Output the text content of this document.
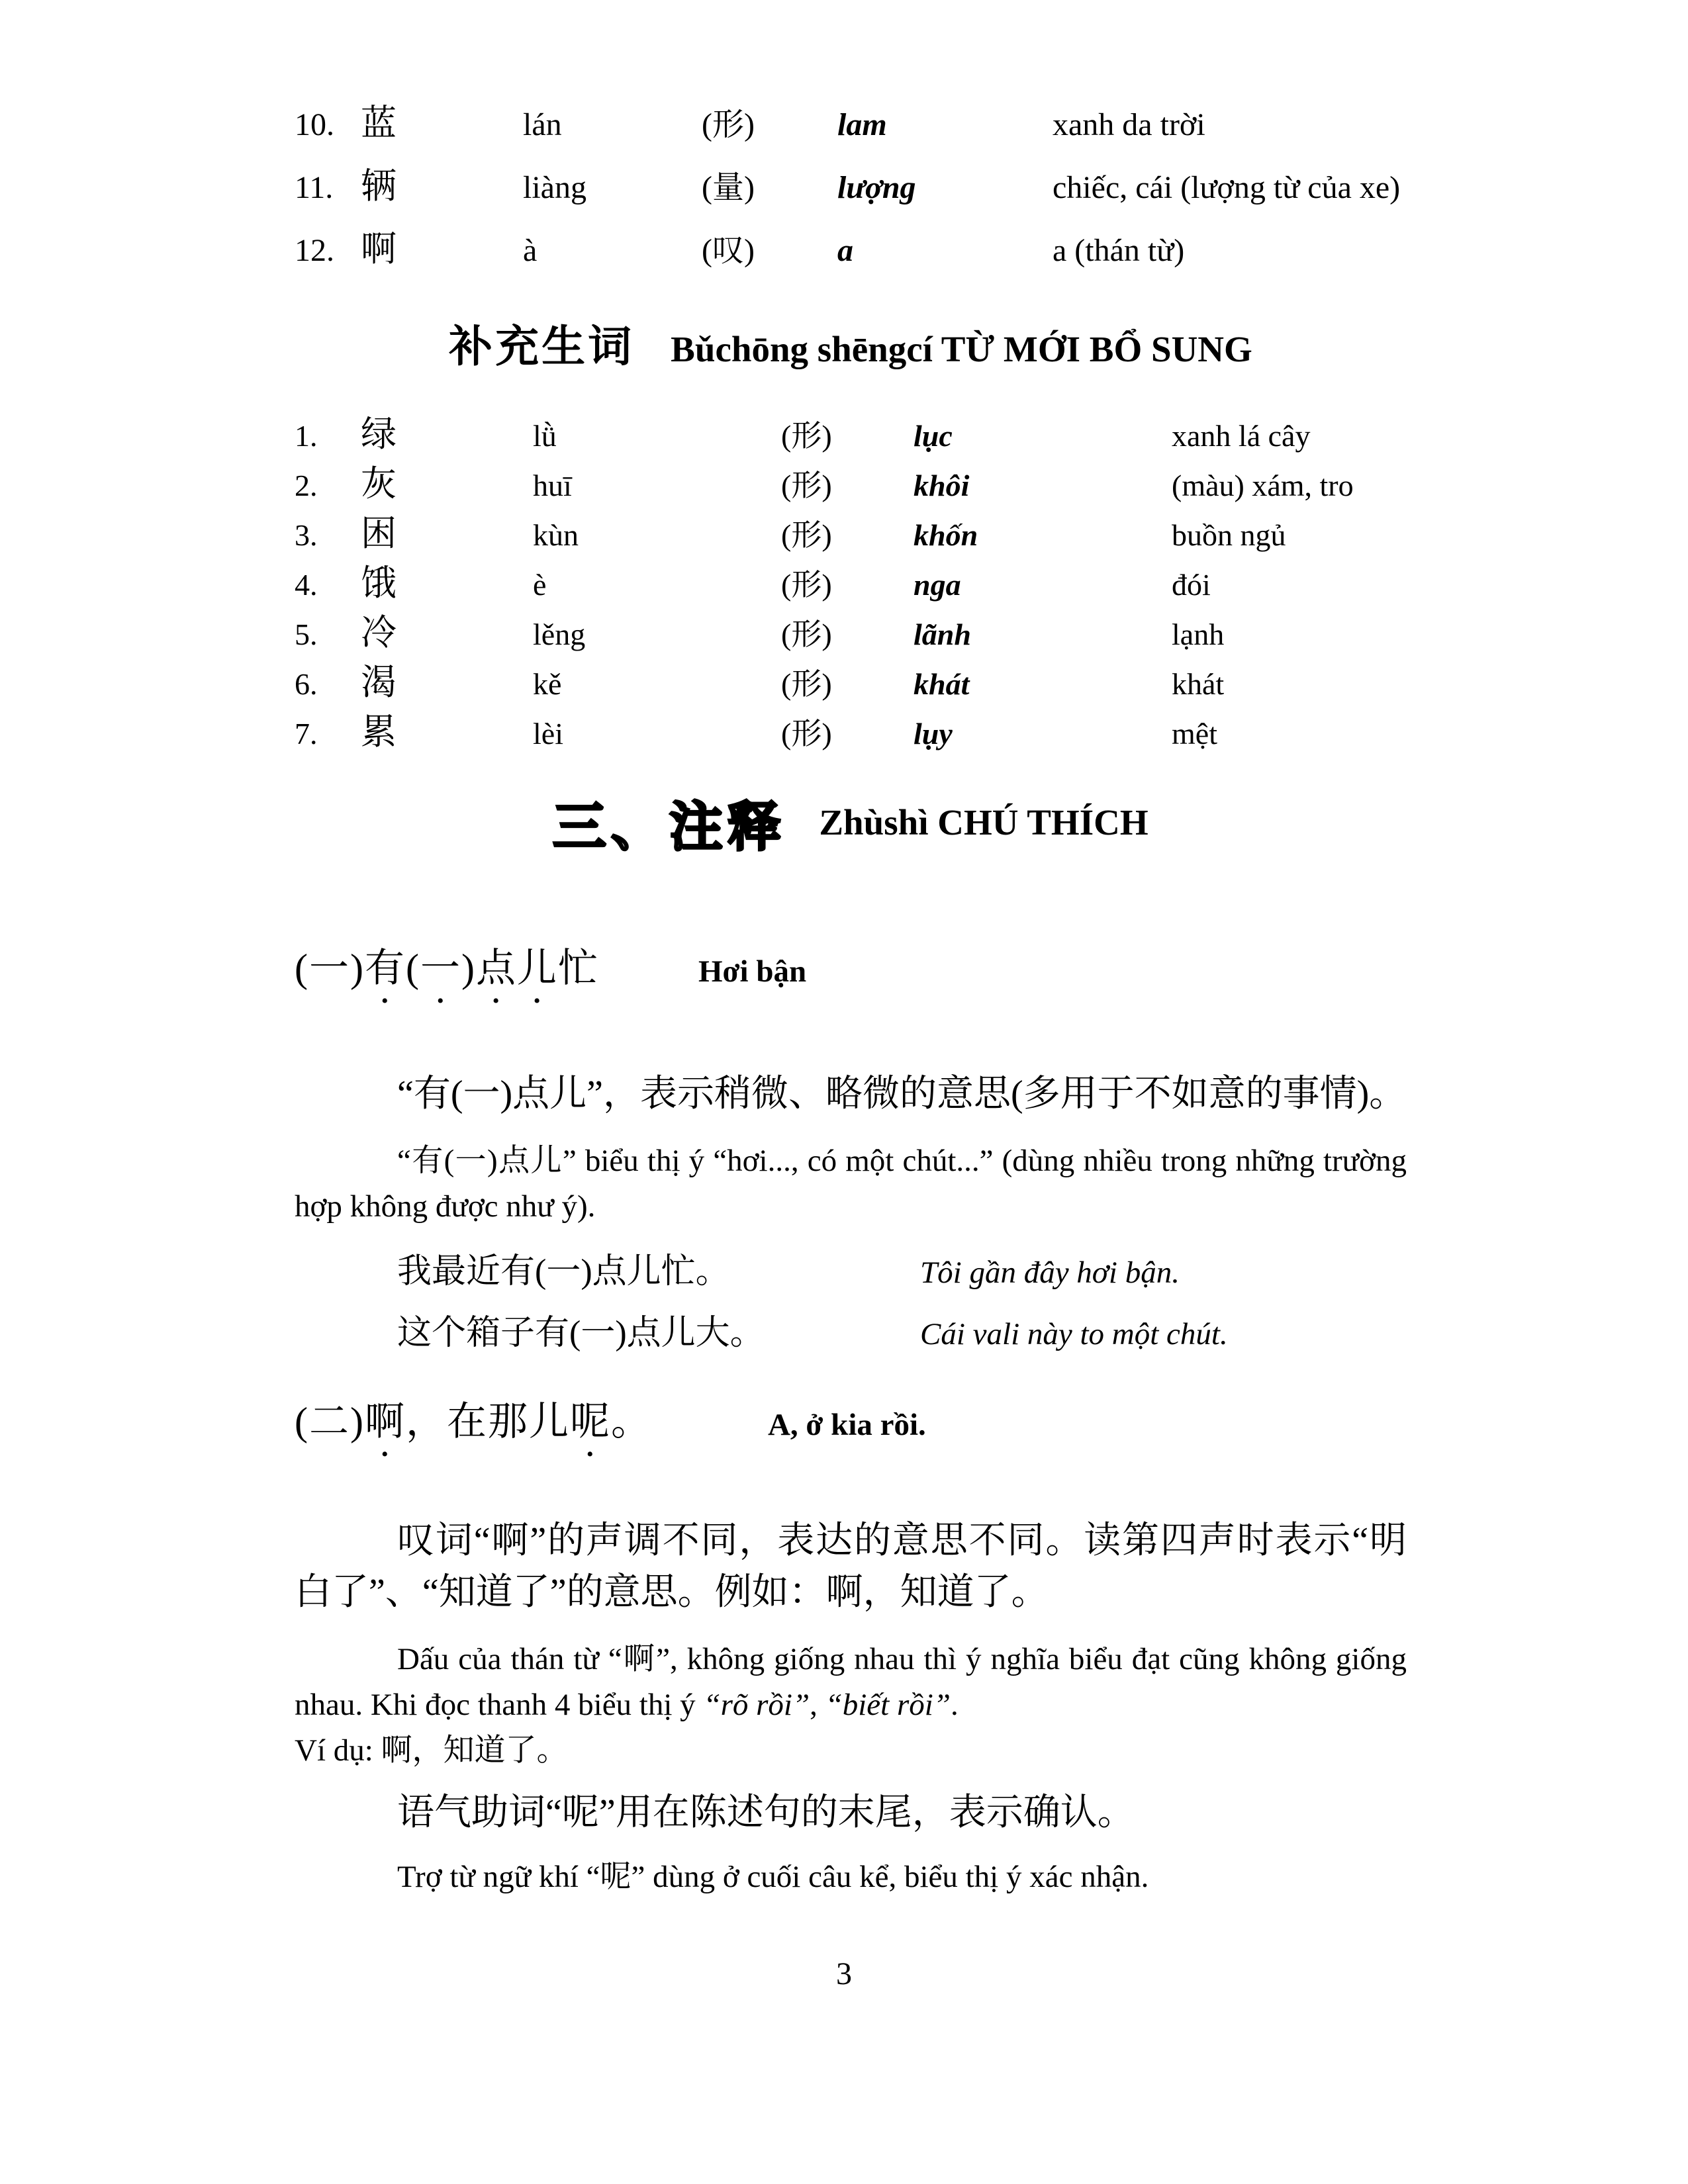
10. 蓝	lán	(形)	lam	xanh da trời
11. 辆	liàng	(量)	lượng	chiếc, cái (lượng từ của xe)
12. 啊	à	(叹)	a	a (thán từ)
补充生词 Bǔchōng shēngcí TỪ MỚI BỔ SUNG
1.	绿	lǜ	(形)	lục	xanh lá cây
2.	灰	huī	(形)	khôi	(màu) xám, tro
3.	困	kùn	(形)	khốn	buồn ngủ
4.	饿	è	(形)	nga	đói
5.	冷	lěng	(形)	lãnh	lạnh
6.	渴	kě	(形)	khát	khát
7.	累	lèi	(形)	lụy	mệt
三、注释 Zhùshì CHÚ THÍCH
(一)有(一)点儿忙	Hơi bận

“有(一)点儿”，表示稍微、略微的意思(多用于不如意的事情)。

“有(一)点儿” biểu thị ý “hơi..., có một chút...” (dùng nhiều trong những trường hợp không được như ý).

我最近有(一)点儿忙。	Tôi gần đây hơi bận.
这个箱子有(一)点儿大。	Cái vali này to một chút.
(二)啊，在那儿呢。	A, ở kia rồi.

叹词“啊”的声调不同，表达的意思不同。读第四声时表示“明白了”、“知道了”的意思。例如：啊，知道了。

Dấu của thán từ “啊”, không giống nhau thì ý nghĩa biểu đạt cũng không giống nhau. Khi đọc thanh 4 biểu thị ý “rõ rồi”, “biết rồi”.

Ví dụ: 啊，知道了。

语气助词“呢”用在陈述句的末尾，表示确认。

Trợ từ ngữ khí “呢” dùng ở cuối câu kể, biểu thị ý xác nhận.

3
